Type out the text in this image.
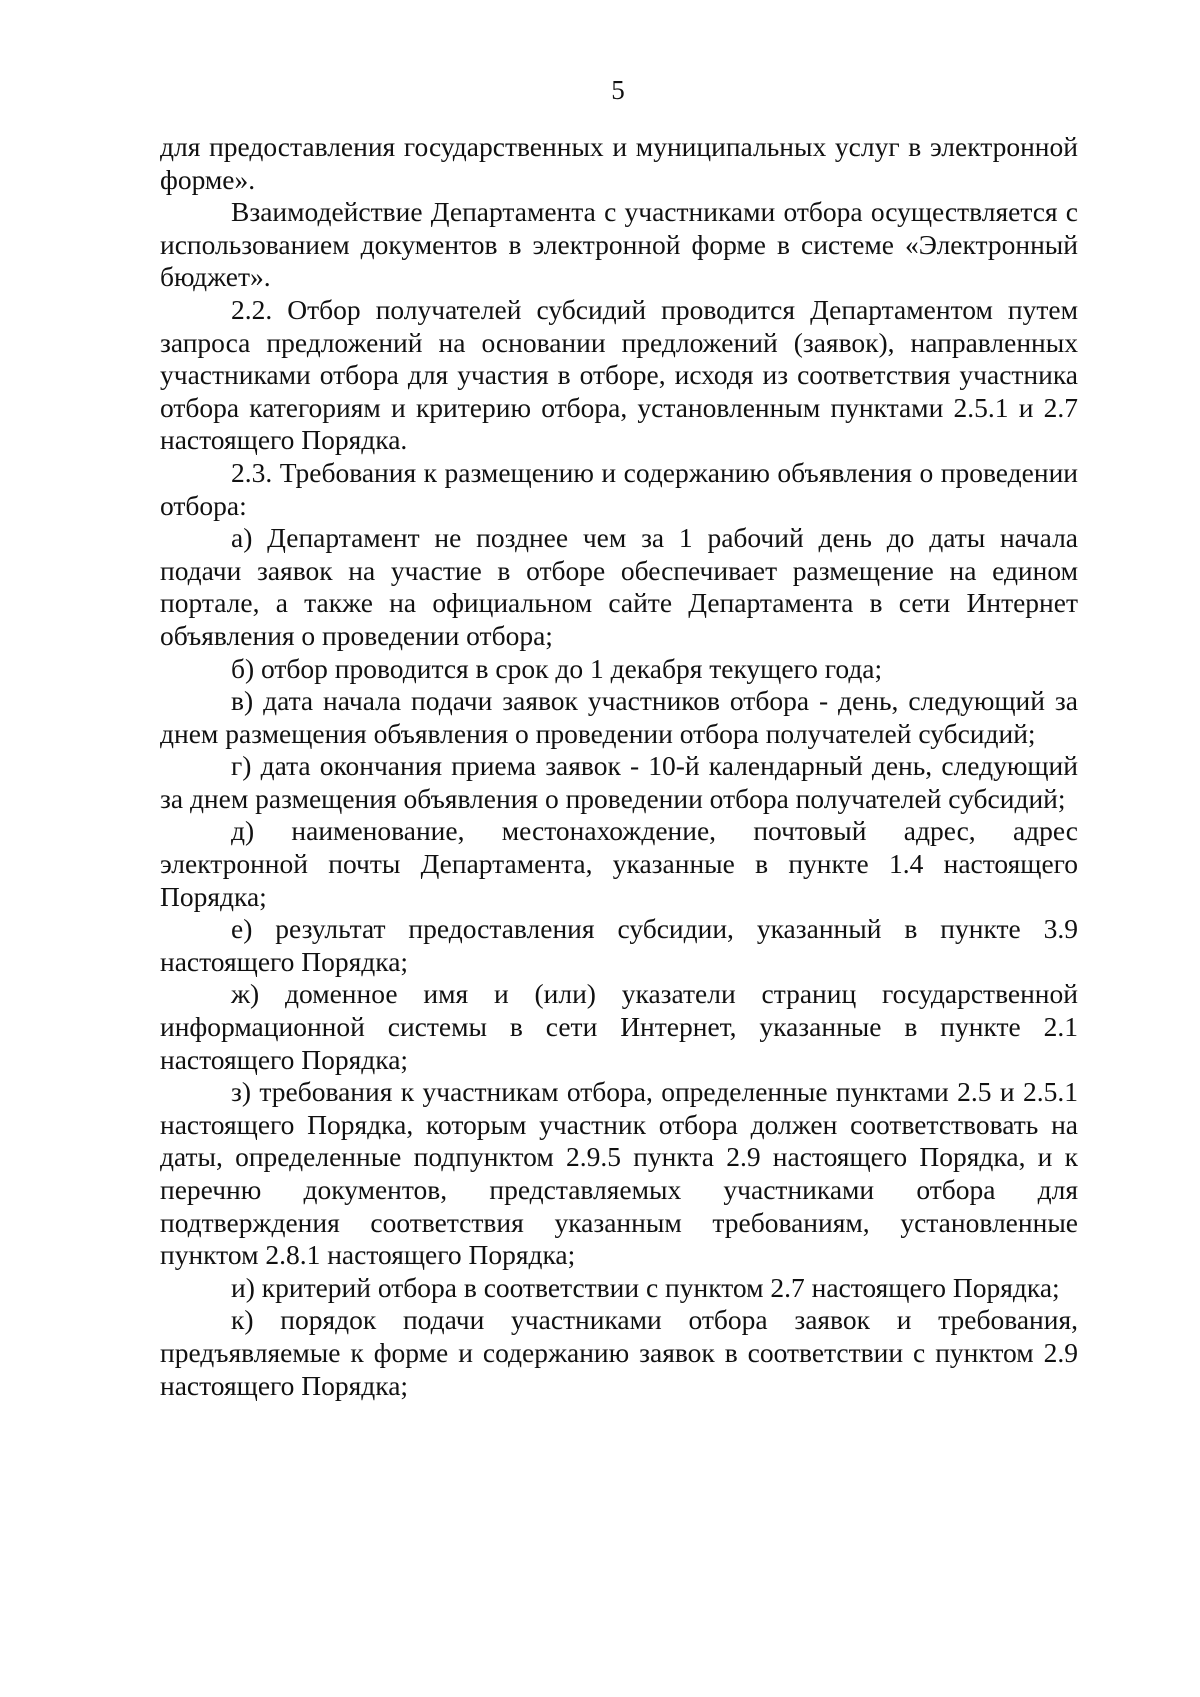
5

для предоставления государственных и муниципальных услуг в электронной форме».

Взаимодействие Департамента с участниками отбора осуществляется с использованием документов в электронной форме в системе «Электронный бюджет».

2.2. Отбор получателей субсидий проводится Департаментом путем запроса предложений на основании предложений (заявок), направленных участниками отбора для участия в отборе, исходя из соответствия участника отбора категориям и критерию отбора, установленным пунктами 2.5.1 и 2.7 настоящего Порядка.

2.3. Требования к размещению и содержанию объявления о проведении отбора:

а) Департамент не позднее чем за 1 рабочий день до даты начала подачи заявок на участие в отборе обеспечивает размещение на едином портале, а также на официальном сайте Департамента в сети Интернет объявления о проведении отбора;

б) отбор проводится в срок до 1 декабря текущего года;

в) дата начала подачи заявок участников отбора - день, следующий за днем размещения объявления о проведении отбора получателей субсидий;

г) дата окончания приема заявок - 10-й календарный день, следующий за днем размещения объявления о проведении отбора получателей субсидий;

д) наименование, местонахождение, почтовый адрес, адрес электронной почты Департамента, указанные в пункте 1.4 настоящего Порядка;

е) результат предоставления субсидии, указанный в пункте 3.9 настоящего Порядка;

ж) доменное имя и (или) указатели страниц государственной информационной системы в сети Интернет, указанные в пункте 2.1 настоящего Порядка;

з) требования к участникам отбора, определенные пунктами 2.5 и 2.5.1 настоящего Порядка, которым участник отбора должен соответствовать на даты, определенные подпунктом 2.9.5 пункта 2.9 настоящего Порядка, и к перечню документов, представляемых участниками отбора для подтверждения соответствия указанным требованиям, установленные пунктом 2.8.1 настоящего Порядка;

и) критерий отбора в соответствии с пунктом 2.7 настоящего Порядка;

к) порядок подачи участниками отбора заявок и требования, предъявляемые к форме и содержанию заявок в соответствии с пунктом 2.9 настоящего Порядка;
